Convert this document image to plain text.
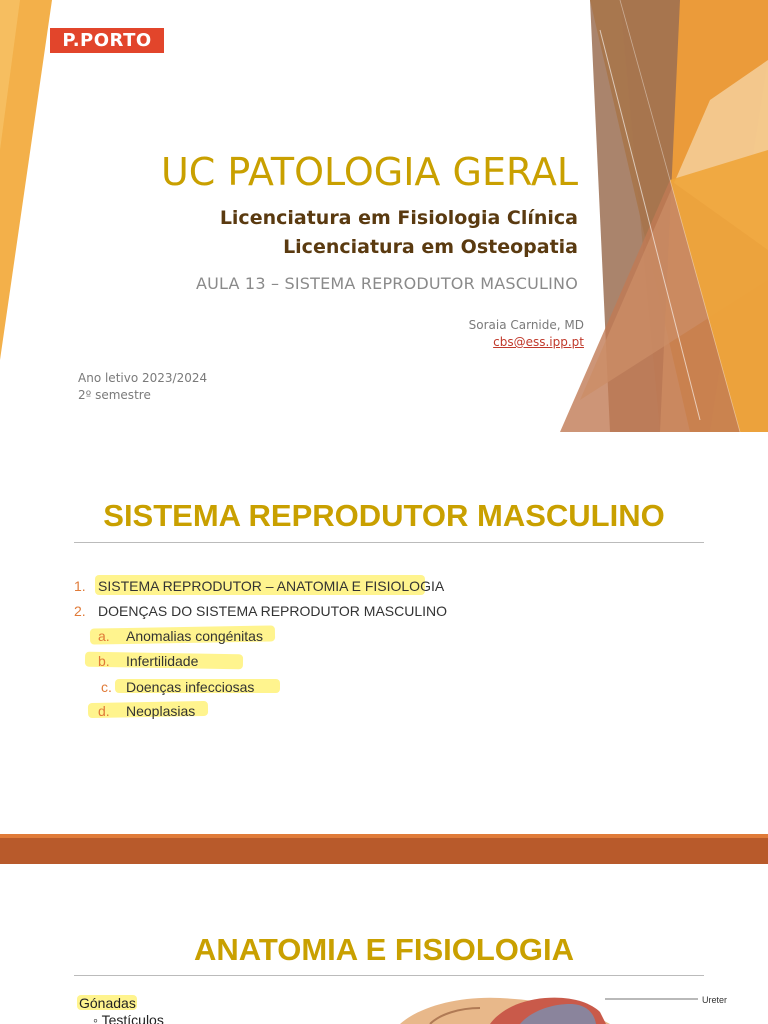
P.PORTO
UC PATOLOGIA GERAL

Licenciatura em Fisiologia Clínica

Licenciatura em Osteopatia

AULA 13 – SISTEMA REPRODUTOR MASCULINO

Soraia Carnide, MD

cbs@ess.ipp.pt

Ano letivo 2023/2024
2º semestre

SISTEMA REPRODUTOR MASCULINO
1. SISTEMA REPRODUTOR – ANATOMIA E FISIOLOGIA
2. DOENÇAS DO SISTEMA REPRODUTOR MASCULINO
a. Anomalias congénitas
b. Infertilidade
c. Doenças infecciosas
d. Neoplasias
ANATOMIA E FISIOLOGIA
Gónadas
◦ Testículos
Ureter
